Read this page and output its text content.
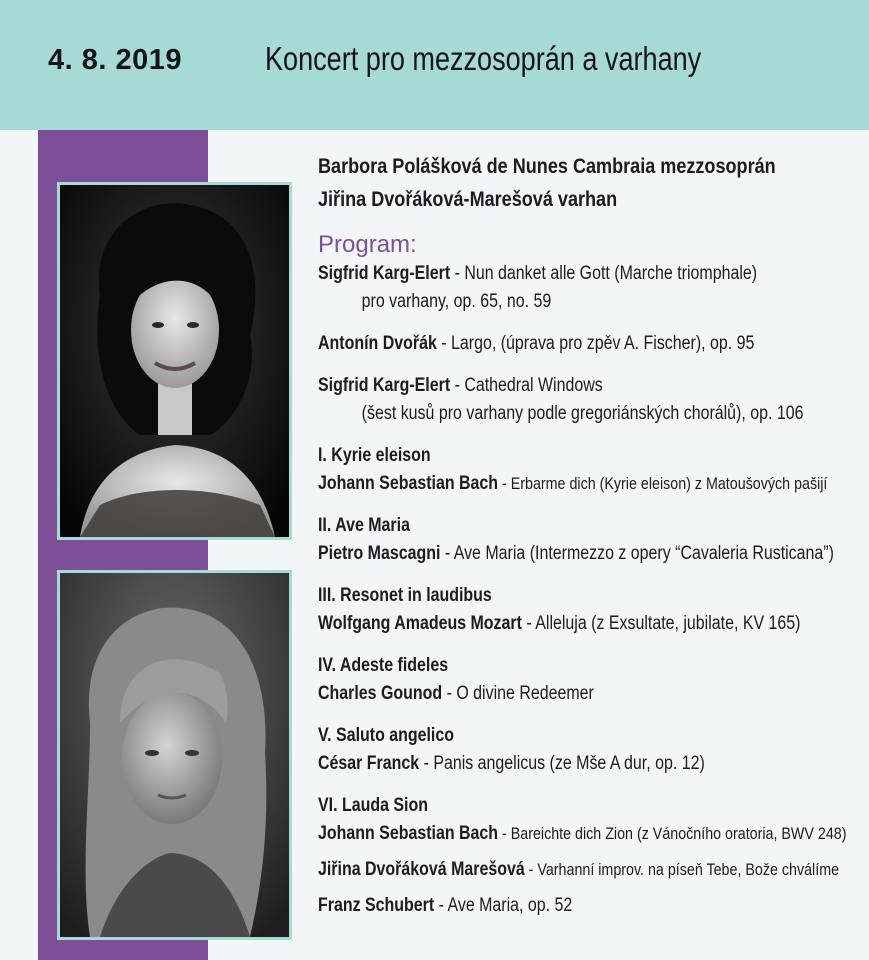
4. 8. 2019	Koncert pro mezzosoprán a varhany
Barbora Polášková de Nunes Cambraia mezzosoprán
Jiřina Dvořáková-Marešová varhan
Program:
Sigfrid Karg-Elert - Nun danket alle Gott (Marche triomphale)
pro varhany, op. 65, no. 59
Antonín Dvořák - Largo, (úprava pro zpěv A. Fischer), op. 95
Sigfrid Karg-Elert - Cathedral Windows
(šest kusů pro varhany podle gregoriánských chorálů), op. 106
I. Kyrie eleison
Johann Sebastian Bach - Erbarme dich (Kyrie eleison) z Matoušových pašijí
II. Ave Maria
Pietro Mascagni - Ave Maria (Intermezzo z opery “Cavaleria Rusticana”)
III. Resonet in laudibus
Wolfgang Amadeus Mozart - Alleluja (z Exsultate, jubilate, KV 165)
IV. Adeste fideles
Charles Gounod - O divine Redeemer
V. Saluto angelico
César Franck - Panis angelicus (ze Mše A dur, op. 12)
VI. Lauda Sion
Johann Sebastian Bach - Bareichte dich Zion (z Vánočního oratoria, BWV 248)
Jiřina Dvořáková Marešová - Varhanní improv. na píseň Tebe, Bože chválíme
Franz Schubert - Ave Maria, op. 52
